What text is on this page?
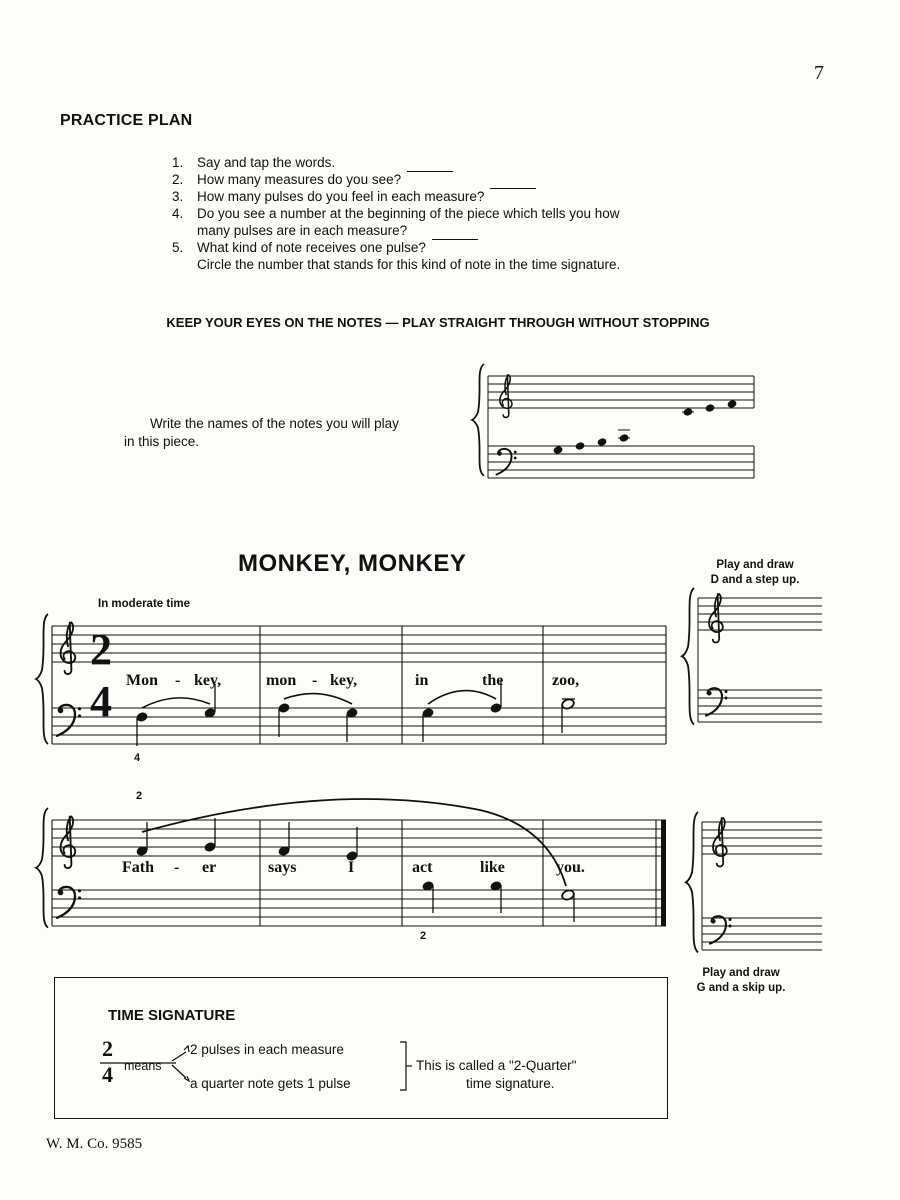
7
PRACTICE PLAN
1.	Say and tap the words.
2.	How many measures do you see?
3.	How many pulses do you feel in each measure?
4.	Do you see a number at the beginning of the piece which tells you how
many pulses are in each measure?
5.	What kind of note receives one pulse?
Circle the number that stands for this kind of note in the time signature.
KEEP YOUR EYES ON THE NOTES — PLAY STRAIGHT THROUGH WITHOUT STOPPING
Write the names of the notes you will play
in this piece.
MONKEY, MONKEY
In moderate time
Play and draw
D and a step up.
Play and draw
G and a skip up.
Mon - key,	mon - key,	in	the	zoo,
Fath - er	says	I	act	like	you.
4
2
2
2
4
TIME SIGNATURE
2
4 means
2 pulses in each measure
a quarter note gets 1 pulse
This is called a "2-Quarter"
time signature.
W. M. Co. 9585
